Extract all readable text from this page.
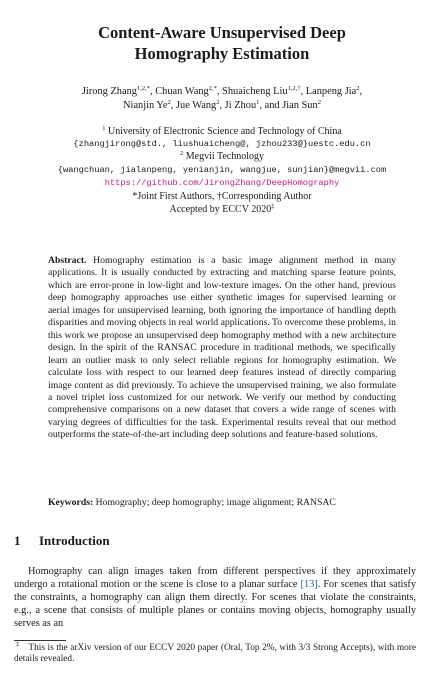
Content-Aware Unsupervised Deep
Homography Estimation
Jirong Zhang$^{1,2,*}$, Chuan Wang$^{2,*}$, Shuaicheng Liu$^{1,2,\dagger}$, Lanpeng Jia$^2$,
Nianjin Ye$^2$, Jue Wang$^2$, Ji Zhou$^1$, and Jian Sun$^2$
$^1$ University of Electronic Science and Technology of China
{zhangjirong@std., liushuaicheng@, jzhou233@}uestc.edu.cn
$^2$ Megvii Technology
{wangchuan, jialanpeng, yenianjin, wangjue, sunjian}@megvii.com
https://github.com/JirongZhang/DeepHomography
*Joint First Authors, †Corresponding Author
Accepted by ECCV 2020‡
Abstract. Homography estimation is a basic image alignment method in many applications. It is usually conducted by extracting and matching sparse feature points, which are error-prone in low-light and low-texture images. On the other hand, previous deep homography approaches use either synthetic images for supervised learning or aerial images for unsupervised learning, both ignoring the importance of handling depth disparities and moving objects in real world applications. To overcome these problems, in this work we propose an unsupervised deep homography method with a new architecture design. In the spirit of the RANSAC procedure in traditional methods, we specifically learn an outlier mask to only select reliable regions for homography estimation. We calculate loss with respect to our learned deep features instead of directly comparing image content as did previously. To achieve the unsupervised training, we also formulate a novel triplet loss customized for our network. We verify our method by conducting comprehensive comparisons on a new dataset that covers a wide range of scenes with varying degrees of difficulties for the task. Experimental results reveal that our method outperforms the state-of-the-art including deep solutions and feature-based solutions.
Keywords: Homography; deep homography; image alignment; RANSAC
1 Introduction
Homography can align images taken from different perspectives if they approximately undergo a rotational motion or the scene is close to a planar surface [13]. For scenes that satisfy the constraints, a homography can align them directly. For scenes that violate the constraints, e.g., a scene that consists of multiple planes or contains moving objects, homography usually serves as an
‡ This is the arXiv version of our ECCV 2020 paper (Oral, Top 2%, with 3/3 Strong Accepts), with more details revealed.
